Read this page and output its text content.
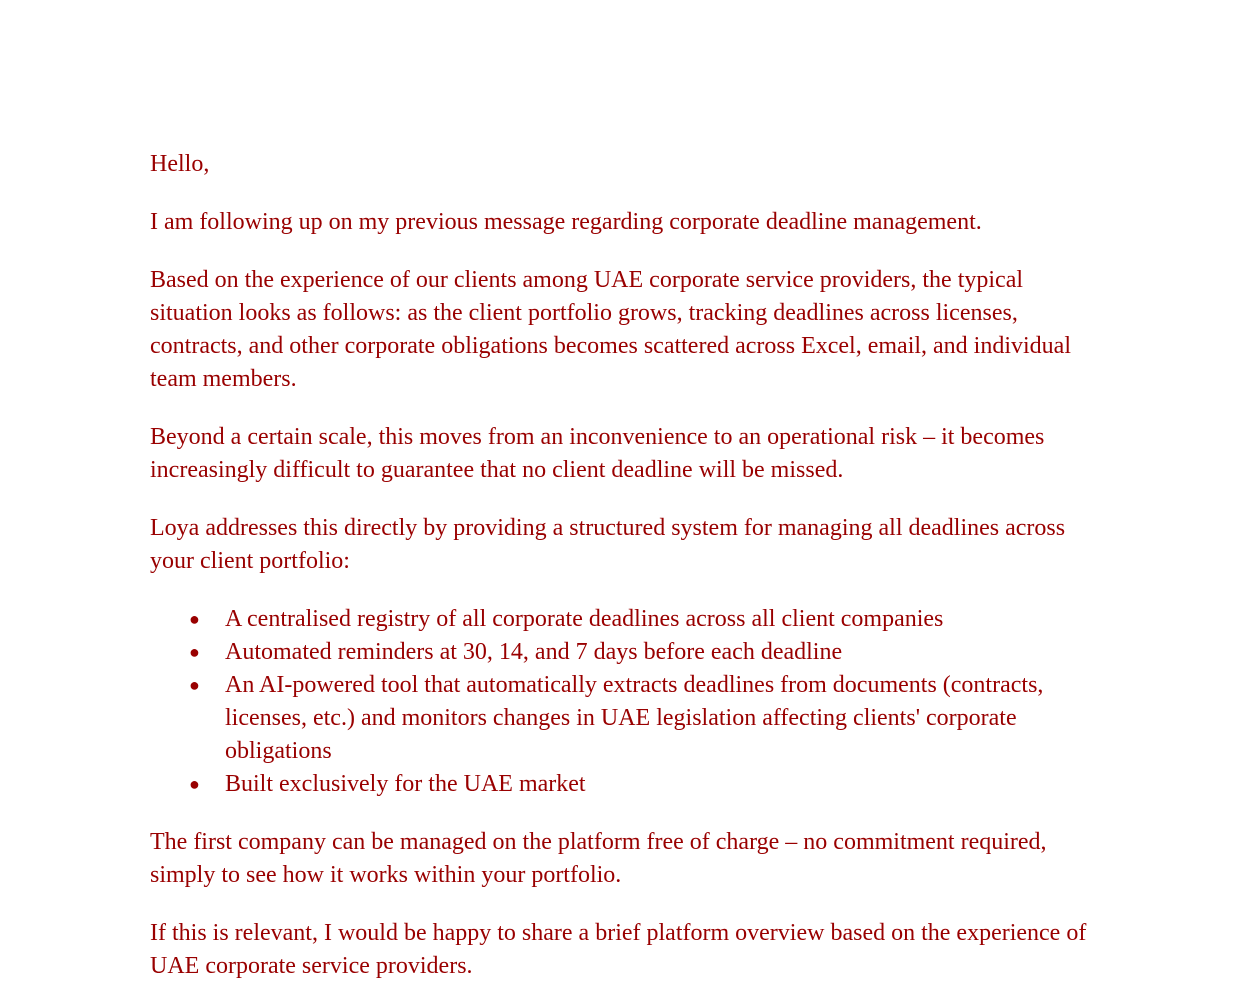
Hello,

I am following up on my previous message regarding corporate deadline management.

Based on the experience of our clients among UAE corporate service providers, the typical situation looks as follows: as the client portfolio grows, tracking deadlines across licenses, contracts, and other corporate obligations becomes scattered across Excel, email, and individual team members.

Beyond a certain scale, this moves from an inconvenience to an operational risk – it becomes increasingly difficult to guarantee that no client deadline will be missed.

Loya addresses this directly by providing a structured system for managing all deadlines across your client portfolio:

● A centralised registry of all corporate deadlines across all client companies
● Automated reminders at 30, 14, and 7 days before each deadline
● An AI-powered tool that automatically extracts deadlines from documents (contracts, licenses, etc.) and monitors changes in UAE legislation affecting clients' corporate obligations
● Built exclusively for the UAE market

The first company can be managed on the platform free of charge – no commitment required, simply to see how it works within your portfolio.

If this is relevant, I would be happy to share a brief platform overview based on the experience of UAE corporate service providers.
